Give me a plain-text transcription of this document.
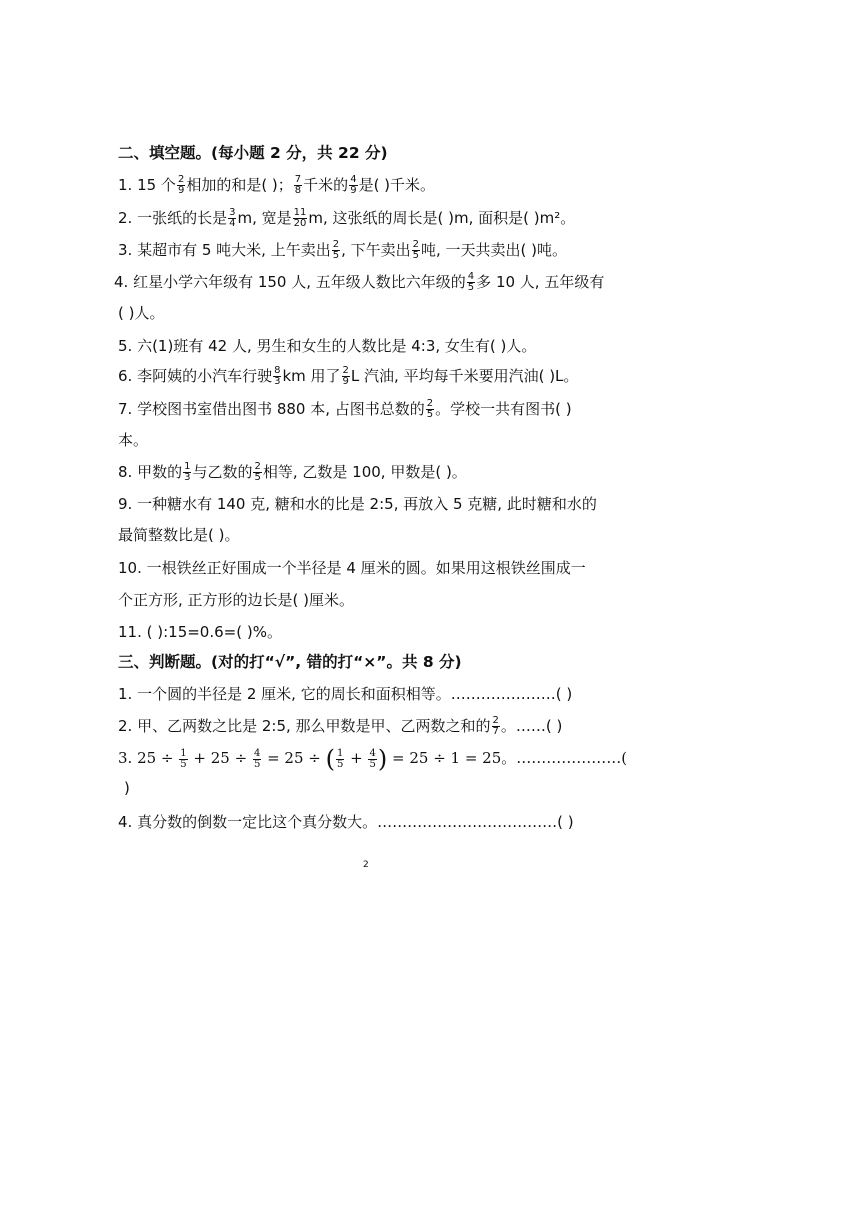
二、填空题。(每小题 2 分，共 22 分)
1. 15 个 $\frac{2}{9}$ 相加的和是( )； $\frac{7}{8}$ 千米的 $\frac{4}{9}$ 是( )千米。
2. 一张纸的长是 $\frac{3}{4} m$, 宽是 $\frac{11}{20} m$, 这张纸的周长是( )m, 面积是( )m²。
3. 某超市有 5 吨大米, 上午卖出 $\frac{2}{5}$ , 下午卖出 $\frac{2}{5}$ 吨, 一天共卖出( )吨。
4. 红星小学六年级有 150 人, 五年级人数比六年级的 $\frac{4}{5}$ 多 10 人, 五年级有
( )人。
5. 六(1)班有 42 人, 男生和女生的人数比是 4:3, 女生有( )人。
6. 李阿姨的小汽车行驶 $\frac{8}{3}$ km 用了 $\frac{2}{9}$ L 汽油, 平均每千米要用汽油( )L。
7. 学校图书室借出图书 880 本, 占图书总数的 $\frac{2}{5}$ 。学校一共有图书( )
本。
8. 甲数的 $\frac{1}{3}$ 与乙数的 $\frac{2}{5}$ 相等, 乙数是 100, 甲数是( )。
9. 一种糖水有 140 克, 糖和水的比是 2:5, 再放入 5 克糖, 此时糖和水的
最简整数比是( )。
10. 一根铁丝正好围成一个半径是 4 厘米的圆。如果用这根铁丝围成一
个正方形, 正方形的边长是( )厘米。
11. ( ):15=0.6=( )%。
三、判断题。(对的打“√”, 错的打“×”。共 8 分)
1. 一个圆的半径是 2 厘米, 它的周长和面积相等。…………………( )
2. 甲、乙两数之比是 2:5, 那么甲数是甲、乙两数之和的 $\frac{2}{7}$ 。……( )
3. $25 \div \frac{1}{5} + 25 \div \frac{4}{5} = 25$ ÷ ( $\frac{1}{5} + \frac{4}{5}$ ) = 25 ÷ 1 = 25。…………………(
)
4. 真分数的倒数一定比这个真分数大。………………………………( )
2
